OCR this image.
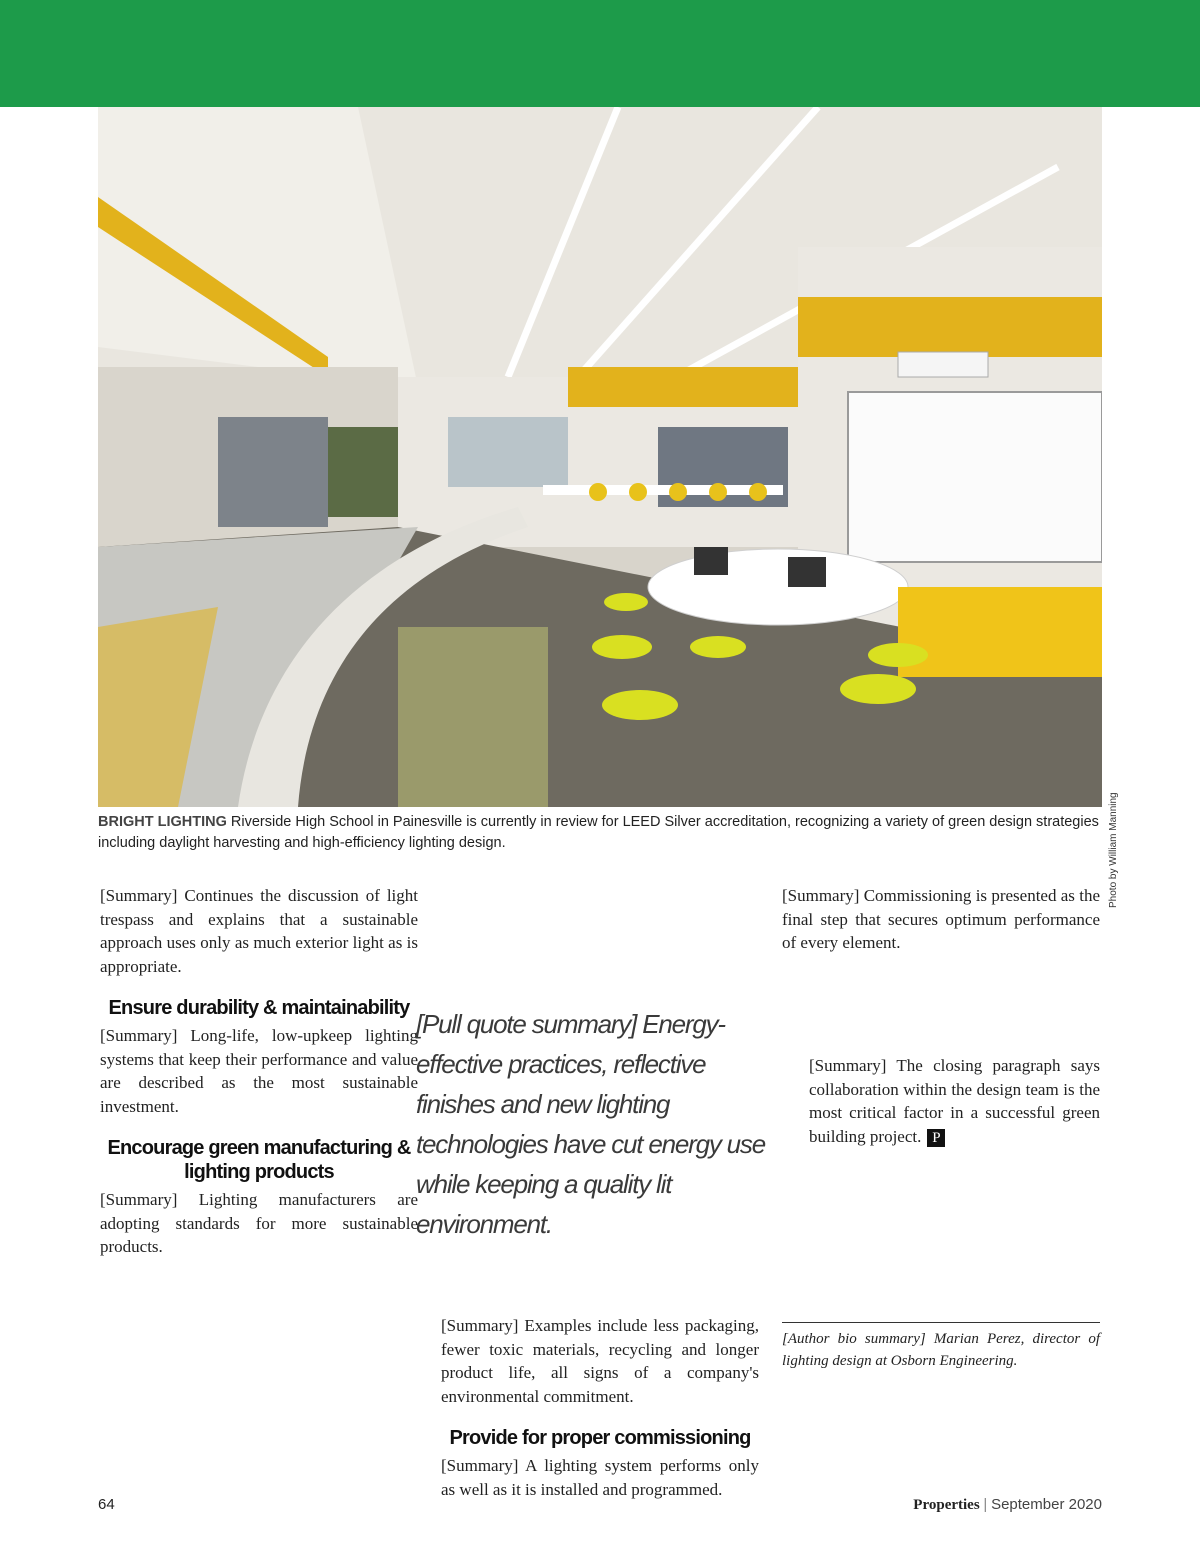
Photo by William Manning
BRIGHT LIGHTING Riverside High School in Painesville is currently in review for LEED Silver accreditation, recognizing a variety of green design strategies including daylight harvesting and high-efficiency lighting design.

[Summary] Continues the discussion of light trespass and explains that a sustainable approach uses only as much exterior light as is appropriate.

Ensure durability & maintainability

[Summary] Long-life, low-upkeep lighting systems that keep their performance and value are described as the most sustainable investment.

Encourage green manufacturing & lighting products

[Summary] Lighting manufacturers are adopting standards for more sustainable products.

[Summary] Examples include less packaging, fewer toxic materials, recycling and longer product life, all signs of a company's environmental commitment.

Provide for proper commissioning

[Summary] A lighting system performs only as well as it is installed and programmed.

[Pull quote summary] Energy-effective practices, reflective finishes and new lighting technologies have cut energy use while keeping a quality lit environment.

[Summary] Commissioning is presented as the final step that secures optimum performance of every element.

[Summary] The closing paragraph says collaboration within the design team is the most critical factor in a successful green building project. P

[Author bio summary] Marian Perez, director of lighting design at Osborn Engineering.
64	Properties | September 2020
